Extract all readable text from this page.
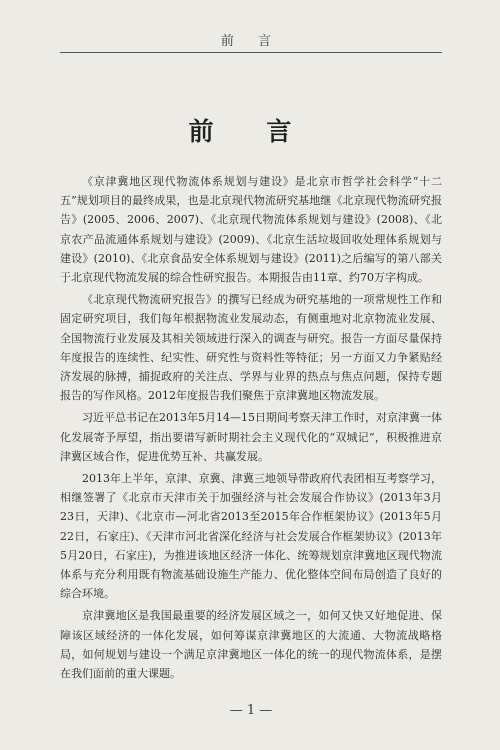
前 言
前 言

《京津冀地区现代物流体系规划与建设》是北京市哲学社会科学“十二五”规划项目的最终成果，也是北京现代物流研究基地继《北京现代物流研究报告》(2005、2006、2007)、《北京现代物流体系规划与建设》(2008)、《北京农产品流通体系规划与建设》(2009)、《北京生活垃圾回收处理体系规划与建设》(2010)、《北京食品安全体系规划与建设》(2011)之后编写的第八部关于北京现代物流发展的综合性研究报告。本期报告由11章、约70万字构成。

《北京现代物流研究报告》的撰写已经成为研究基地的一项常规性工作和固定研究项目，我们每年根据物流业发展动态，有侧重地对北京物流业发展、全国物流行业发展及其相关领域进行深入的调查与研究。报告一方面尽量保持年度报告的连续性、纪实性、研究性与资料性等特征；另一方面又力争紧贴经济发展的脉搏，捕捉政府的关注点、学界与业界的热点与焦点问题，保持专题报告的写作风格。2012年度报告我们聚焦于京津冀地区物流发展。

习近平总书记在2013年5月14—15日期间考察天津工作时，对京津冀一体化发展寄予厚望，指出要谱写新时期社会主义现代化的“双城记”，积极推进京津冀区域合作，促进优势互补、共赢发展。

2013年上半年，京津、京冀、津冀三地领导带政府代表团相互考察学习，相继签署了《北京市天津市关于加强经济与社会发展合作协议》(2013年3月23日，天津)、《北京市—河北省2013至2015年合作框架协议》(2013年5月22日，石家庄)、《天津市河北省深化经济与社会发展合作框架协议》(2013年5月20日，石家庄)，为推进该地区经济一体化、统筹规划京津冀地区现代物流体系与充分利用既有物流基础设施生产能力、优化整体空间布局创造了良好的综合环境。

京津冀地区是我国最重要的经济发展区域之一，如何又快又好地促进、保障该区域经济的一体化发展，如何筹谋京津冀地区的大流通、大物流战略格局，如何规划与建设一个满足京津冀地区一体化的统一的现代物流体系，是摆在我们面前的重大课题。

— 1 —
